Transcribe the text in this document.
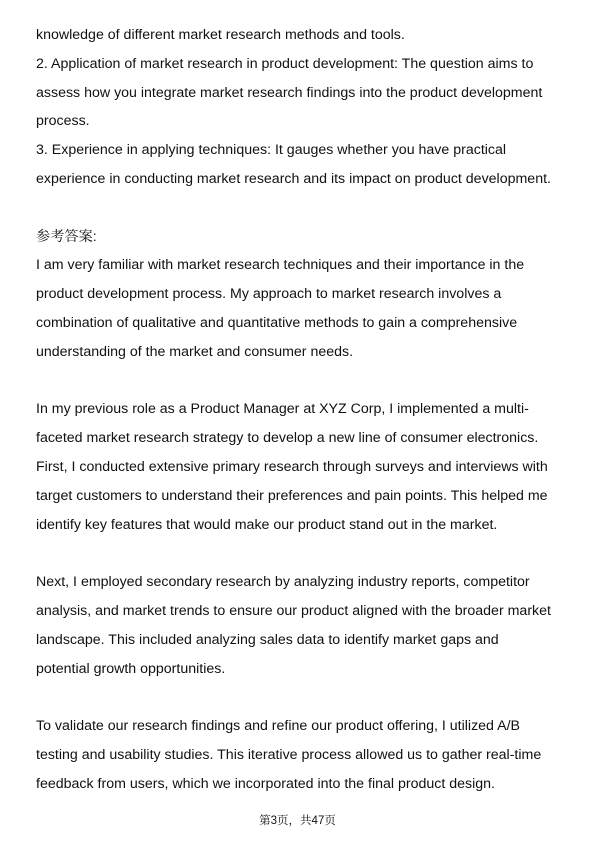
knowledge of different market research methods and tools.
2. Application of market research in product development: The question aims to
assess how you integrate market research findings into the product development
process.
3. Experience in applying techniques: It gauges whether you have practical
experience in conducting market research and its impact on product development.
参考答案:
I am very familiar with market research techniques and their importance in the
product development process. My approach to market research involves a
combination of qualitative and quantitative methods to gain a comprehensive
understanding of the market and consumer needs.
In my previous role as a Product Manager at XYZ Corp, I implemented a multi-
faceted market research strategy to develop a new line of consumer electronics.
First, I conducted extensive primary research through surveys and interviews with
target customers to understand their preferences and pain points. This helped me
identify key features that would make our product stand out in the market.
Next, I employed secondary research by analyzing industry reports, competitor
analysis, and market trends to ensure our product aligned with the broader market
landscape. This included analyzing sales data to identify market gaps and
potential growth opportunities.
To validate our research findings and refine our product offering, I utilized A/B
testing and usability studies. This iterative process allowed us to gather real-time
feedback from users, which we incorporated into the final product design.
第3页，共47页
